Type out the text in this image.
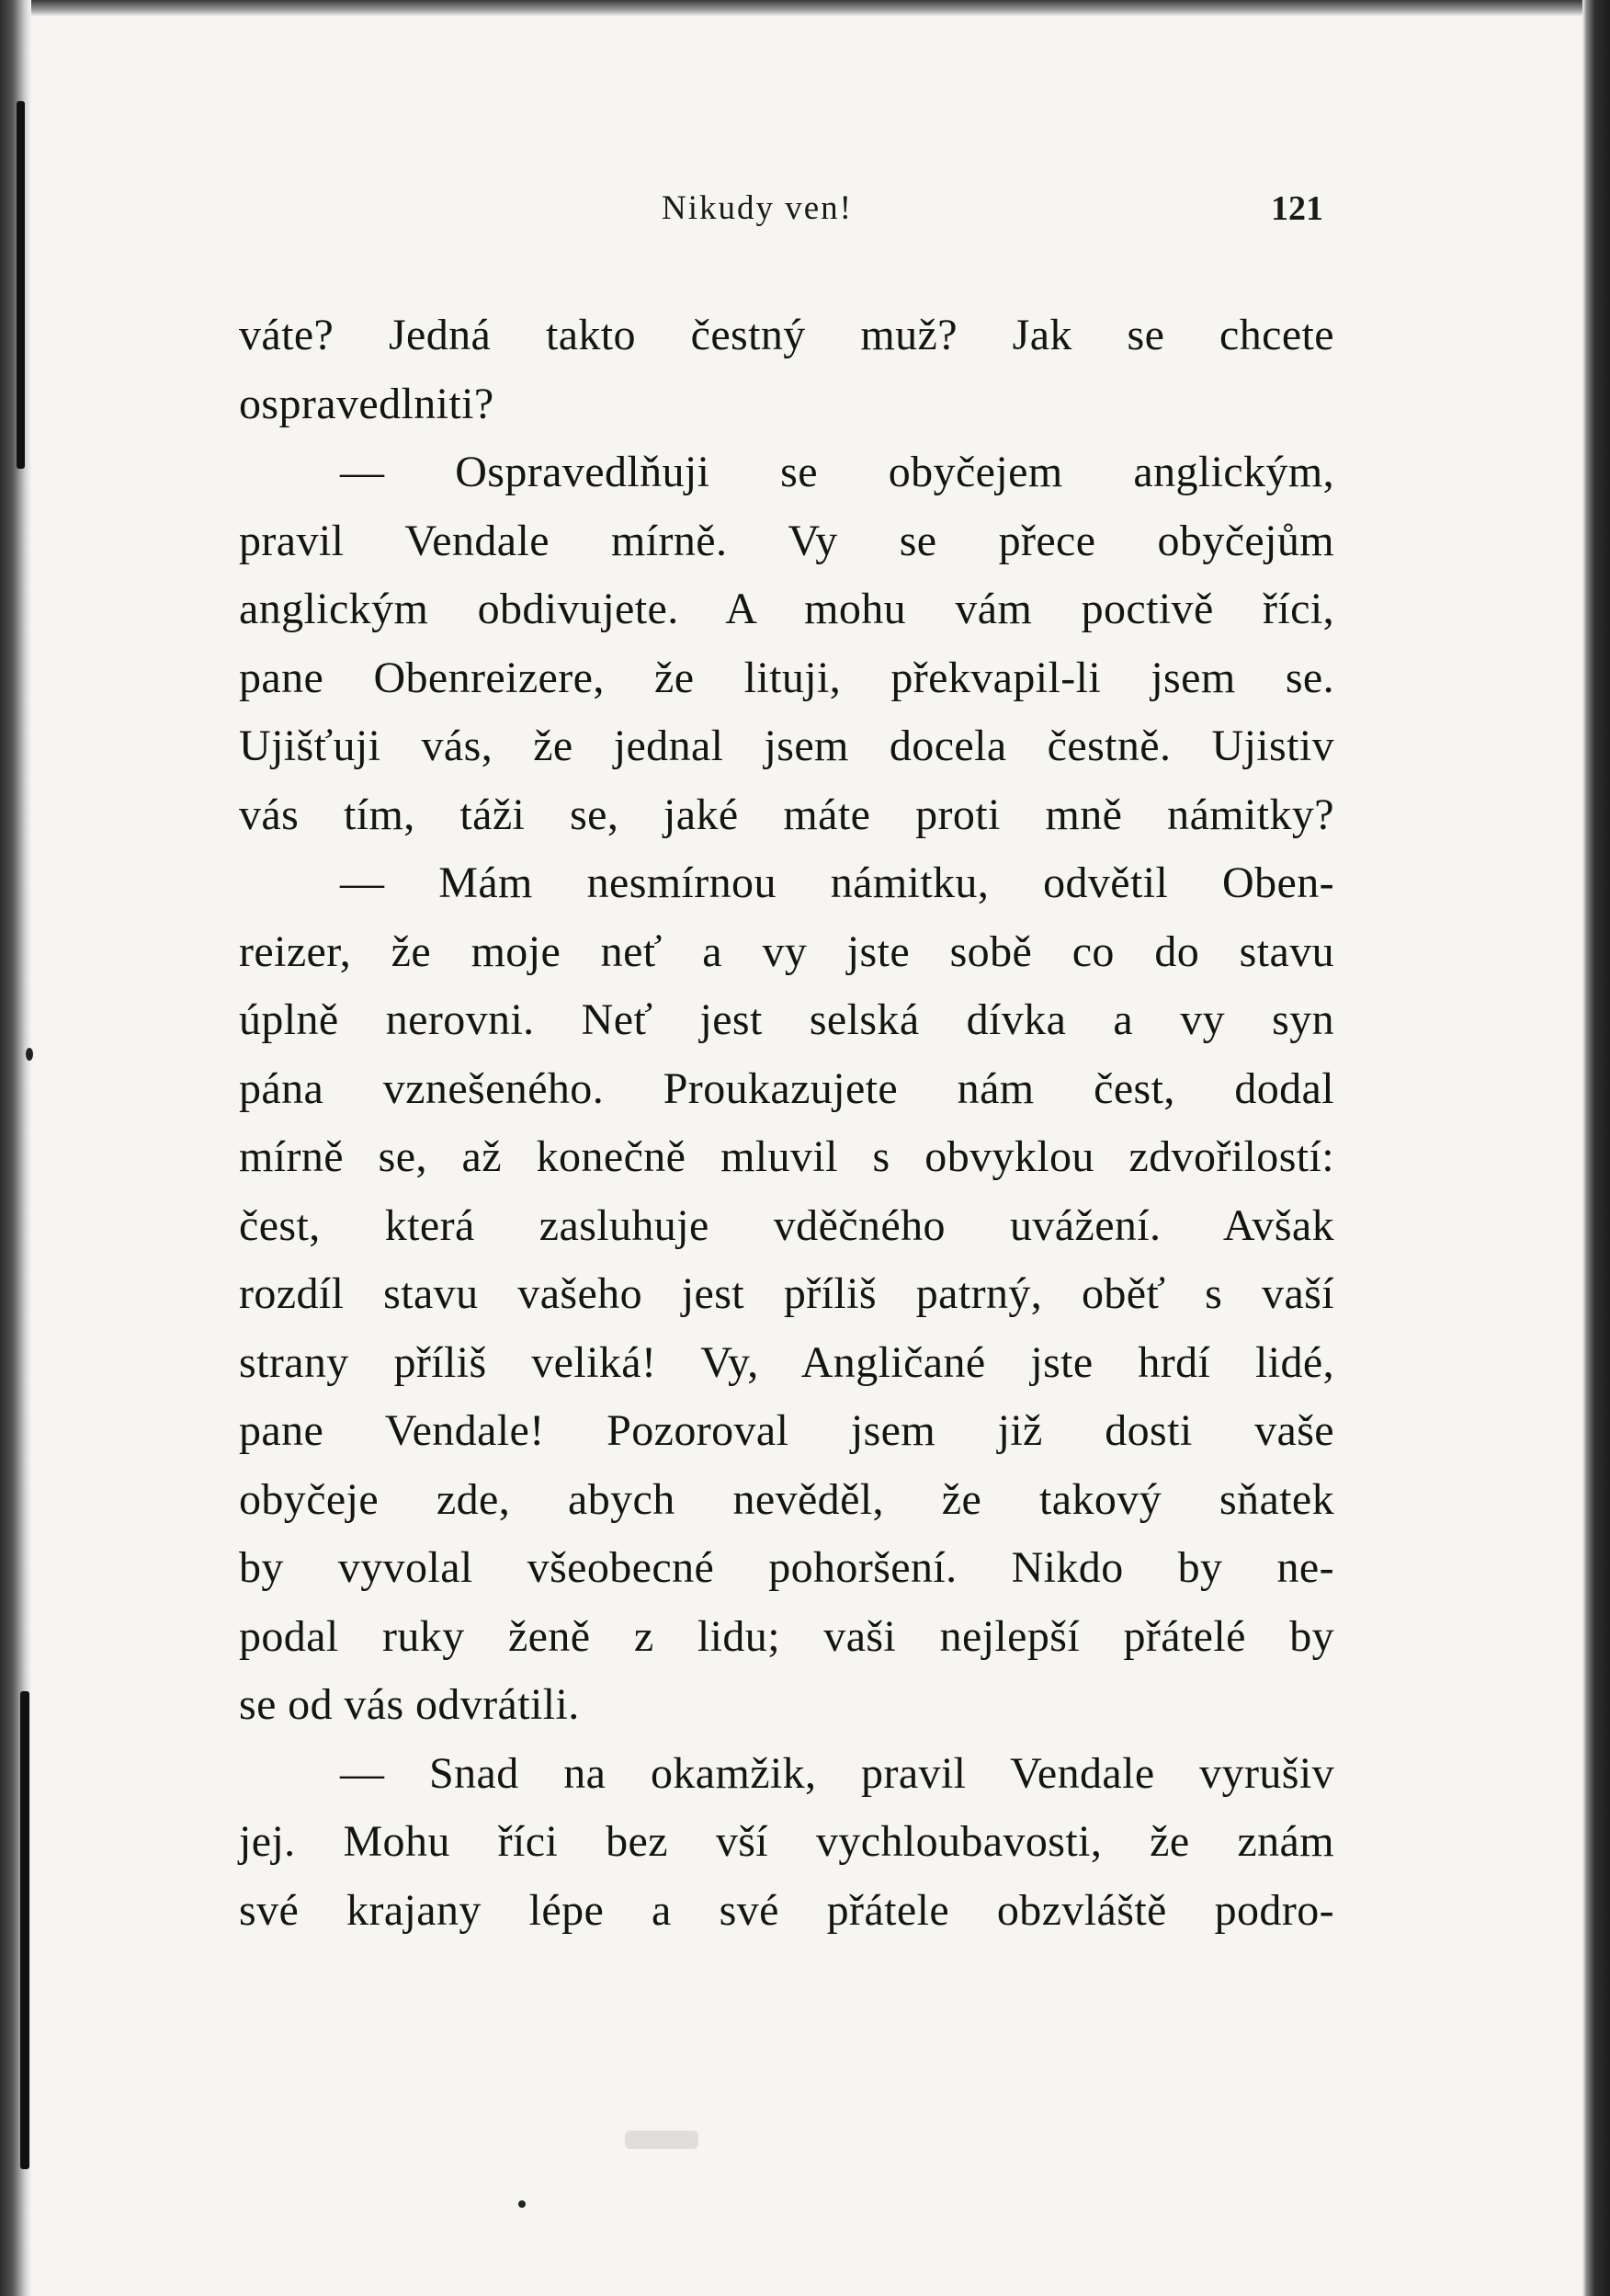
Nikudy ven!	121
váte? Jedná takto čestný muž? Jak se chcete
ospravedlniti?
— Ospravedlňuji se obyčejem anglickým,
pravil Vendale mírně. Vy se přece obyčejům
anglickým obdivujete. A mohu vám poctivě říci,
pane Obenreizere, že lituji, překvapil-li jsem se.
Ujišťuji vás, že jednal jsem docela čestně. Ujistiv
vás tím, táži se, jaké máte proti mně námitky?
— Mám nesmírnou námitku, odvětil Oben-
reizer, že moje neť a vy jste sobě co do stavu
úplně nerovni. Neť jest selská dívka a vy syn
pána vznešeného. Proukazujete nám čest, dodal
mírně se, až konečně mluvil s obvyklou zdvořilostí:
čest, která zasluhuje vděčného uvážení. Avšak
rozdíl stavu vašeho jest příliš patrný, oběť s vaší
strany příliš veliká! Vy, Angličané jste hrdí lidé,
pane Vendale! Pozoroval jsem již dosti vaše
obyčeje zde, abych nevěděl, že takový sňatek
by vyvolal všeobecné pohoršení. Nikdo by ne-
podal ruky ženě z lidu; vaši nejlepší přátelé by
se od vás odvrátili.
— Snad na okamžik, pravil Vendale vyrušiv
jej. Mohu říci bez vší vychloubavosti, že znám
své krajany lépe a své přátele obzvláště podro-
